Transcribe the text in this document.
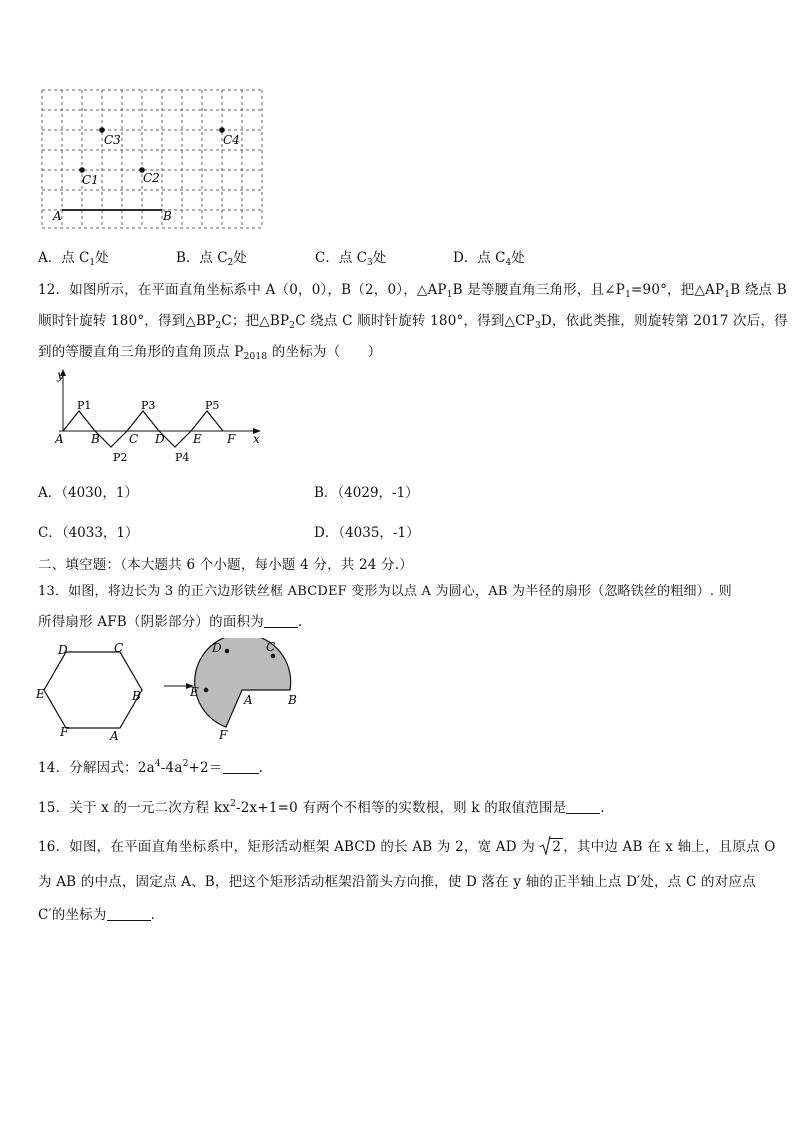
C3	C4
C1	C2
A	B
A．点 $C_1$处	B．点 $C_2$处	C．点 $C_3$处	D．点 $C_4$处
12．如图所示，在平面直角坐标系中 A（0，0），B（2，0），$\triangle AP_1B$ 是等腰直角三角形，且$\angle P_1=90^\circ$，把$\triangle AP_1B$ 绕点 B
顺时针旋转 180°，得到$\triangle BP_2C$；把$\triangle BP_2C$ 绕点 C 顺时针旋转 180°，得到$\triangle CP_3D$，依此类推，则旋转第 2017 次后，得
到的等腰直角三角形的直角顶点 $P_{2018}$ 的坐标为（　　）
y
x
A B C D E F
P1
P2
P3
P4
P5
A．（4030，1）	B．（4029，-1）
C．（4033，1）	D．（4035，-1）
二、填空题：（本大题共 6 个小题，每小题 4 分，共 24 分.）
13．如图，将边长为 3 的正六边形铁丝框 ABCDEF 变形为以点 A 为圆心，AB 为半径的扇形（忽略铁丝的粗细）. 则
所得扇形 AFB（阴影部分）的面积为	.
D	C
B
A
F
E
D	C
E
A	B
F
14．分解因式：$2a^4-4a^2+2=$	.
15．关于 x 的一元二次方程 $kx^2-2x+1=0$ 有两个不相等的实数根，则 k 的取值范围是	.
16．如图，在平面直角坐标系中，矩形活动框架 ABCD 的长 AB 为 2，宽 AD 为 2 ，其中边 AB 在 x 轴上，且原点 O
为 AB 的中点，固定点 A、B，把这个矩形活动框架沿箭头方向推，使 D 落在 y 轴的正半轴上点 D′处，点 C 的对应点
C′的坐标为	.
